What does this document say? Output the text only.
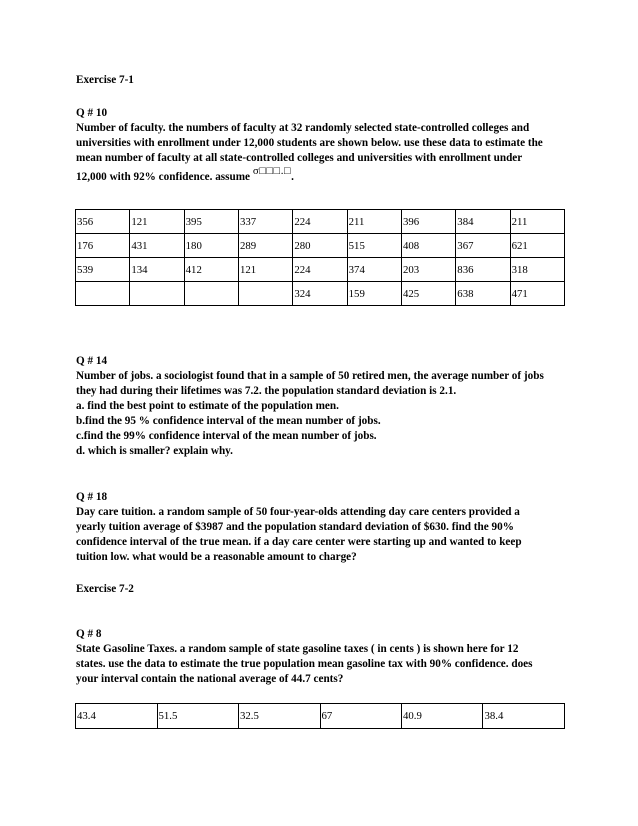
Exercise 7-1
Q # 10
Number of faculty. the numbers of faculty at 32 randomly selected state-controlled colleges and
universities with enrollment under 12,000 students are shown below. use these data to estimate the
mean number of faculty at all state-controlled colleges and universities with enrollment under
12,000 with 92% confidence. assume σ□□□.□.
356	121	395	337	224	211	396	384	211
176	431	180	289	280	515	408	367	621
539	134	412	121	224	374	203	836	318
				324	159	425	638	471
Q # 14
Number of jobs. a sociologist found that in a sample of 50 retired men, the average number of jobs
they had during their lifetimes was 7.2. the population standard deviation is 2.1.
a. find the best point to estimate of the population men.
b.find the 95 % confidence interval of the mean number of jobs.
c.find the 99% confidence interval of the mean number of jobs.
d. which is smaller? explain why.
Q # 18
Day care tuition. a random sample of 50 four-year-olds attending day care centers provided a
yearly tuition average of $3987 and the population standard deviation of $630. find the 90%
confidence interval of the true mean. if a day care center were starting up and wanted to keep
tuition low. what would be a reasonable amount to charge?
Exercise 7-2
Q # 8
State Gasoline Taxes. a random sample of state gasoline taxes ( in cents ) is shown here for 12
states. use the data to estimate the true population mean gasoline tax with 90% confidence. does
your interval contain the national average of 44.7 cents?
43.4	51.5	32.5	67	40.9	38.4
